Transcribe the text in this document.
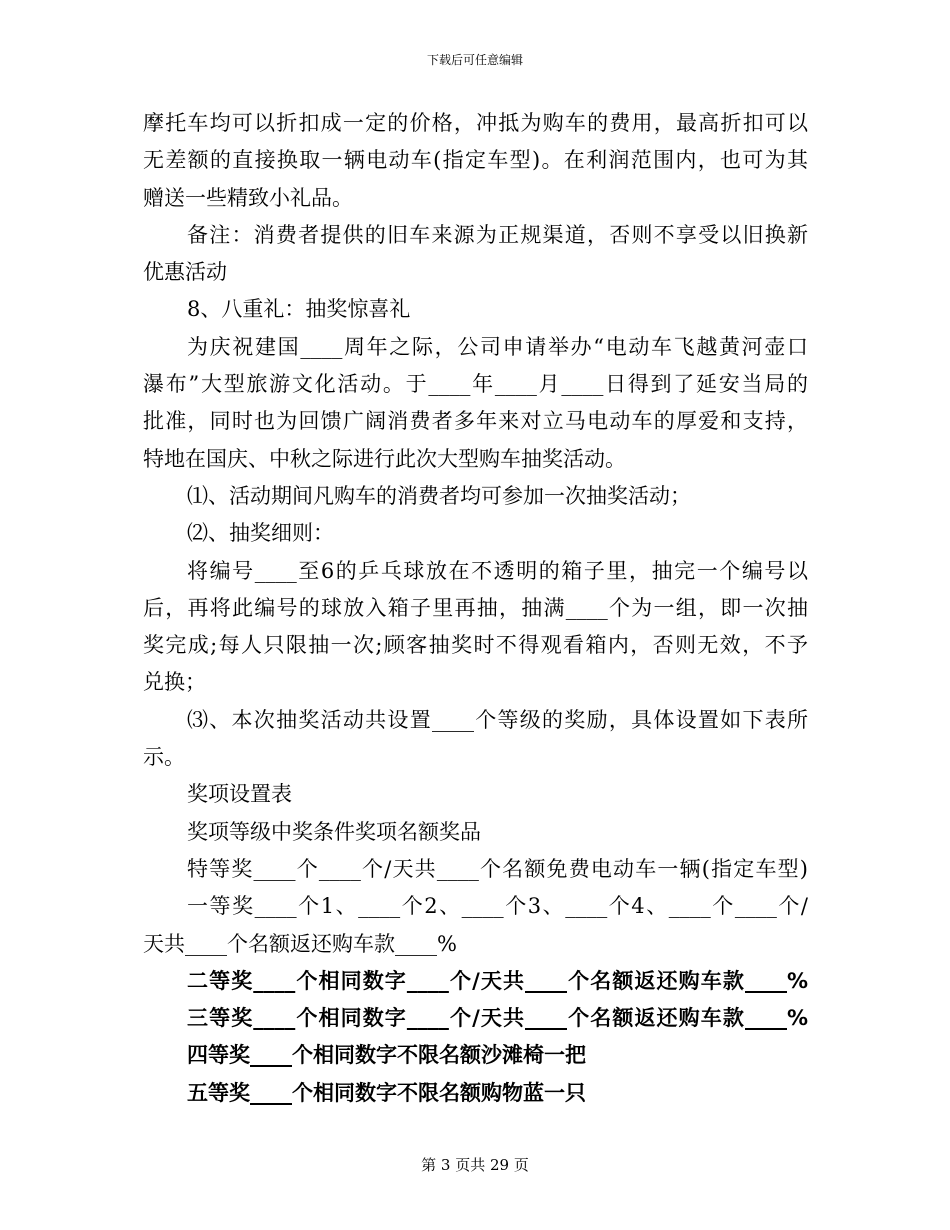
下载后可任意编辑
摩托车均可以折扣成一定的价格，冲抵为购车的费用，最高折扣可以
无差额的直接换取一辆电动车(指定车型)。在利润范围内，也可为其
赠送一些精致小礼品。
备注：消费者提供的旧车来源为正规渠道，否则不享受以旧换新
优惠活动
8、八重礼：抽奖惊喜礼
为庆祝建国____周年之际，公司申请举办“电动车飞越黄河壶口
瀑布”大型旅游文化活动。于____年____月____日得到了延安当局的
批准，同时也为回馈广阔消费者多年来对立马电动车的厚爱和支持，
特地在国庆、中秋之际进行此次大型购车抽奖活动。
⑴、活动期间凡购车的消费者均可参加一次抽奖活动；
⑵、抽奖细则：
将编号____至6的乒乓球放在不透明的箱子里，抽完一个编号以
后，再将此编号的球放入箱子里再抽，抽满____个为一组，即一次抽
奖完成;每人只限抽一次;顾客抽奖时不得观看箱内，否则无效，不予
兑换；
⑶、本次抽奖活动共设置____个等级的奖励，具体设置如下表所
示。
奖项设置表
奖项等级中奖条件奖项名额奖品
特等奖____个____个/天共____个名额免费电动车一辆(指定车型)
一等奖____个1、____个2、____个3、____个4、____个____个/
天共____个名额返还购车款____%
二等奖____个相同数字____个/天共____个名额返还购车款____%
三等奖____个相同数字____个/天共____个名额返还购车款____%
四等奖____个相同数字不限名额沙滩椅一把
五等奖____个相同数字不限名额购物蓝一只
第 3 页共 29 页
